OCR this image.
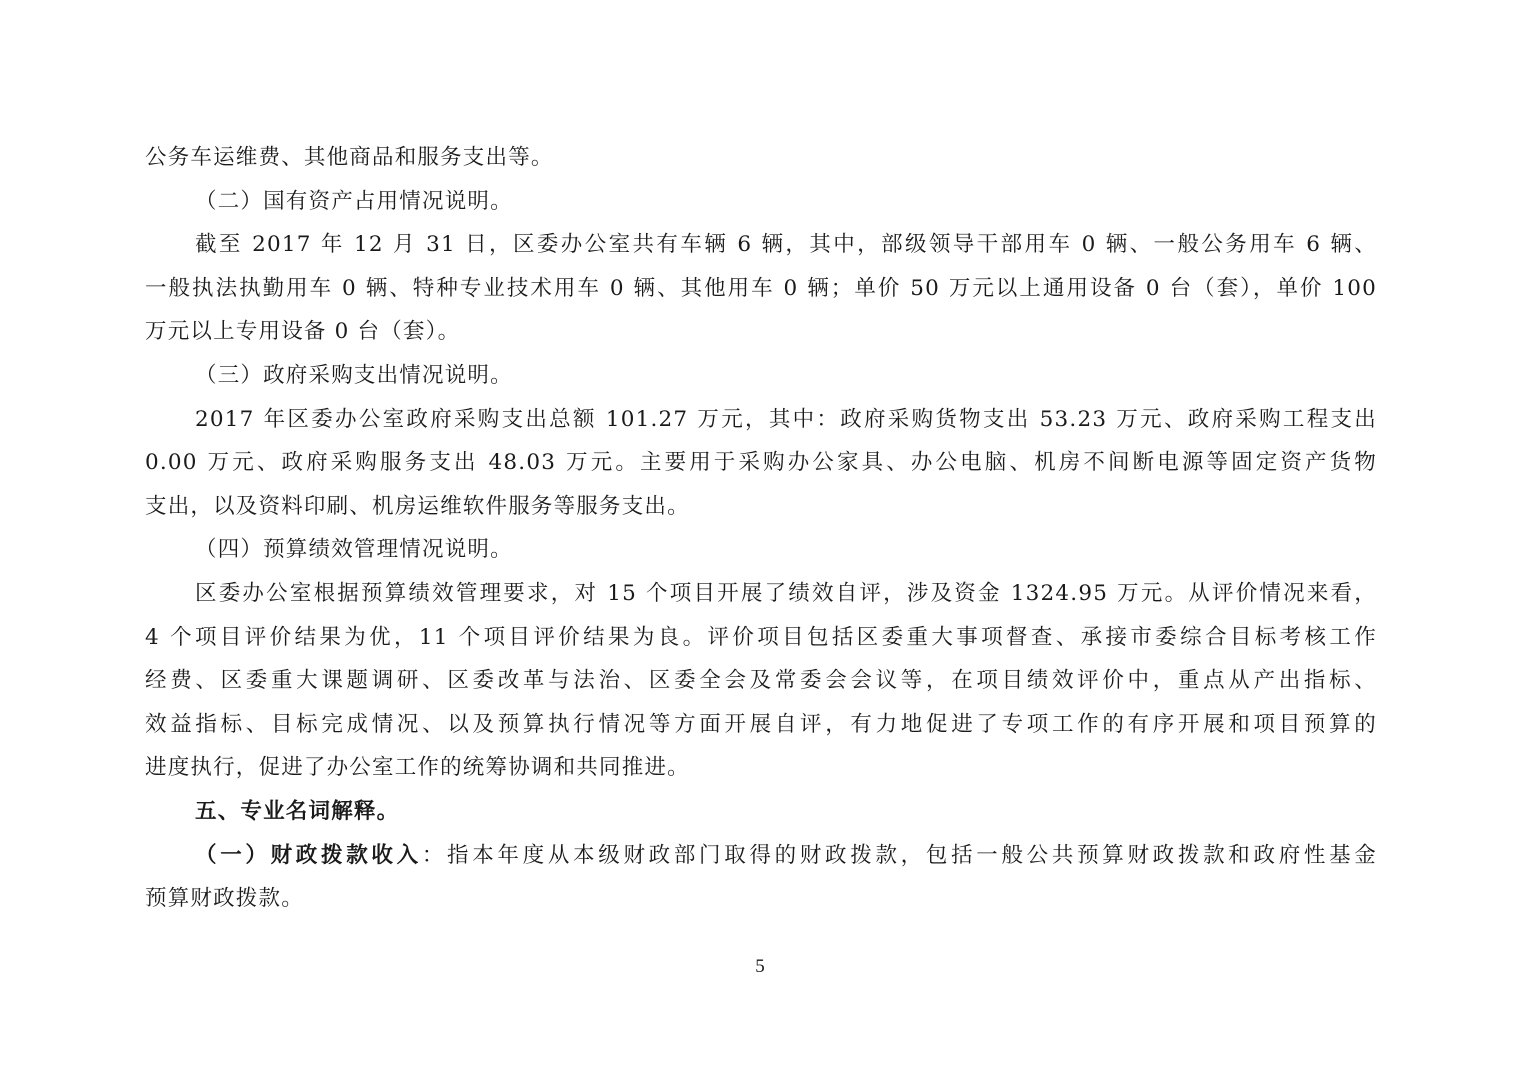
公务车运维费、其他商品和服务支出等。
（二）国有资产占用情况说明。
截至 2017 年 12 月 31 日，区委办公室共有车辆 6 辆，其中，部级领导干部用车 0 辆、一般公务用车 6 辆、
一般执法执勤用车 0 辆、特种专业技术用车 0 辆、其他用车 0 辆；单价 50 万元以上通用设备 0 台（套），单价 100
万元以上专用设备 0 台（套）。
（三）政府采购支出情况说明。
2017 年区委办公室政府采购支出总额 101.27 万元，其中：政府采购货物支出 53.23 万元、政府采购工程支出
0.00 万元、政府采购服务支出 48.03 万元。主要用于采购办公家具、办公电脑、机房不间断电源等固定资产货物
支出，以及资料印刷、机房运维软件服务等服务支出。
（四）预算绩效管理情况说明。
区委办公室根据预算绩效管理要求，对 15 个项目开展了绩效自评，涉及资金 1324.95 万元。从评价情况来看，
4 个项目评价结果为优，11 个项目评价结果为良。评价项目包括区委重大事项督查、承接市委综合目标考核工作
经费、区委重大课题调研、区委改革与法治、区委全会及常委会会议等，在项目绩效评价中，重点从产出指标、
效益指标、目标完成情况、以及预算执行情况等方面开展自评，有力地促进了专项工作的有序开展和项目预算的
进度执行，促进了办公室工作的统筹协调和共同推进。
五、专业名词解释。
（一）财政拨款收入：指本年度从本级财政部门取得的财政拨款，包括一般公共预算财政拨款和政府性基金
预算财政拨款。
5
